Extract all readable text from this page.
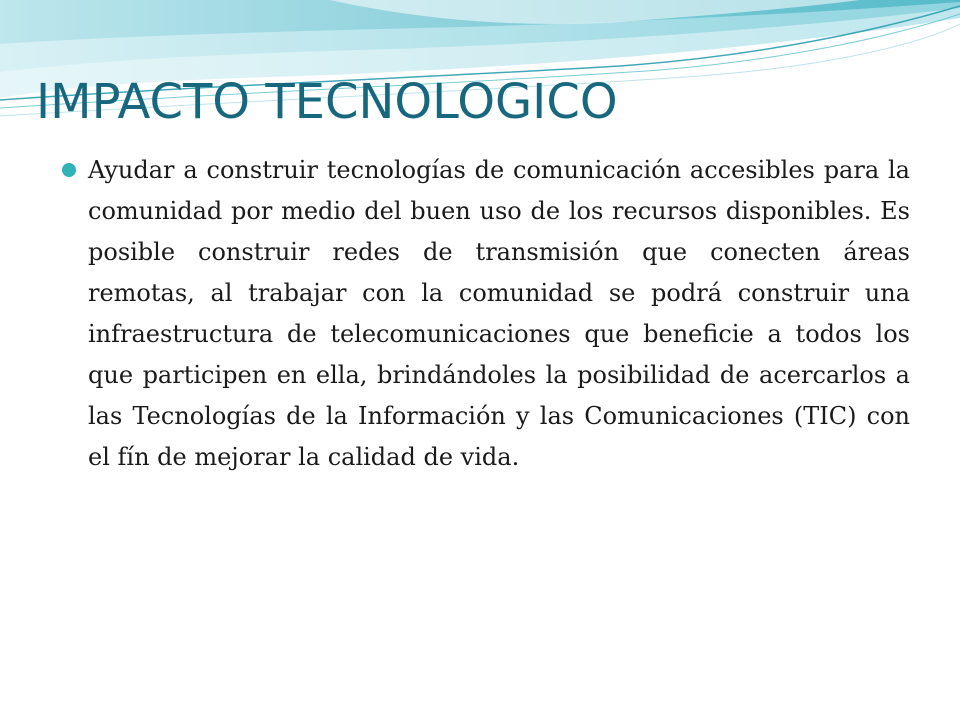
IMPACTO TECNOLOGICO

Ayudar a construir tecnologías de comunicación accesibles para la comunidad por medio del buen uso de los recursos disponibles. Es posible construir redes de transmisión que conecten áreas remotas, al trabajar con la comunidad se podrá construir una infraestructura de telecomunicaciones que beneficie a todos los que participen en ella, brindándoles la posibilidad de acercarlos a las Tecnologías de la Información y las Comunicaciones (TIC) con el fín de mejorar la calidad de vida.
